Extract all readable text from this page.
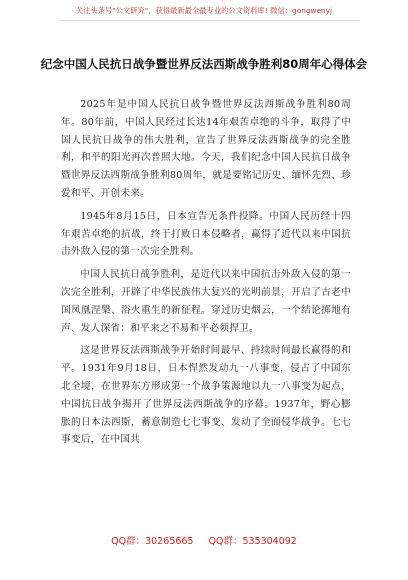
关注头条号"公文研究"，获得最新最全最专业的公文资料库! 微信：gongwenyj
纪念中国人民抗日战争暨世界反法西斯战争胜利80周年心得体会

2025年是中国人民抗日战争暨世界反法西斯战争胜利80周年。80年前，中国人民经过长达14年艰苦卓绝的斗争，取得了中国人民抗日战争的伟大胜利，宣告了世界反法西斯战争的完全胜利，和平的阳光再次普照大地。今天，我们纪念中国人民抗日战争暨世界反法西斯战争胜利80周年，就是要铭记历史、缅怀先烈、珍爱和平、开创未来。

1945年8月15日，日本宣告无条件投降。中国人民历经十四年艰苦卓绝的抗战，终于打败日本侵略者，赢得了近代以来中国抗击外敌入侵的第一次完全胜利。

中国人民抗日战争胜利，是近代以来中国抗击外敌入侵的第一次完全胜利，开辟了中华民族伟大复兴的光明前景，开启了古老中国凤凰涅槃、浴火重生的新征程。穿过历史烟云，一个结论掷地有声、发人深省：和平来之不易和平必须捍卫。

这是世界反法西斯战争开始时间最早、持续时间最长赢得的和平。1931年9月18日，日本悍然发动九一八事变，侵占了中国东北全境，在世界东方形成第一个战争策源地以九一八事变为起点，中国抗日战争揭开了世界反法西斯战争的序幕。1937年，野心膨胀的日本法西斯，蓄意制造七七事变、发动了全面侵华战争。七七事变后，在中国共

QQ群：30265665 QQ群：535304092
